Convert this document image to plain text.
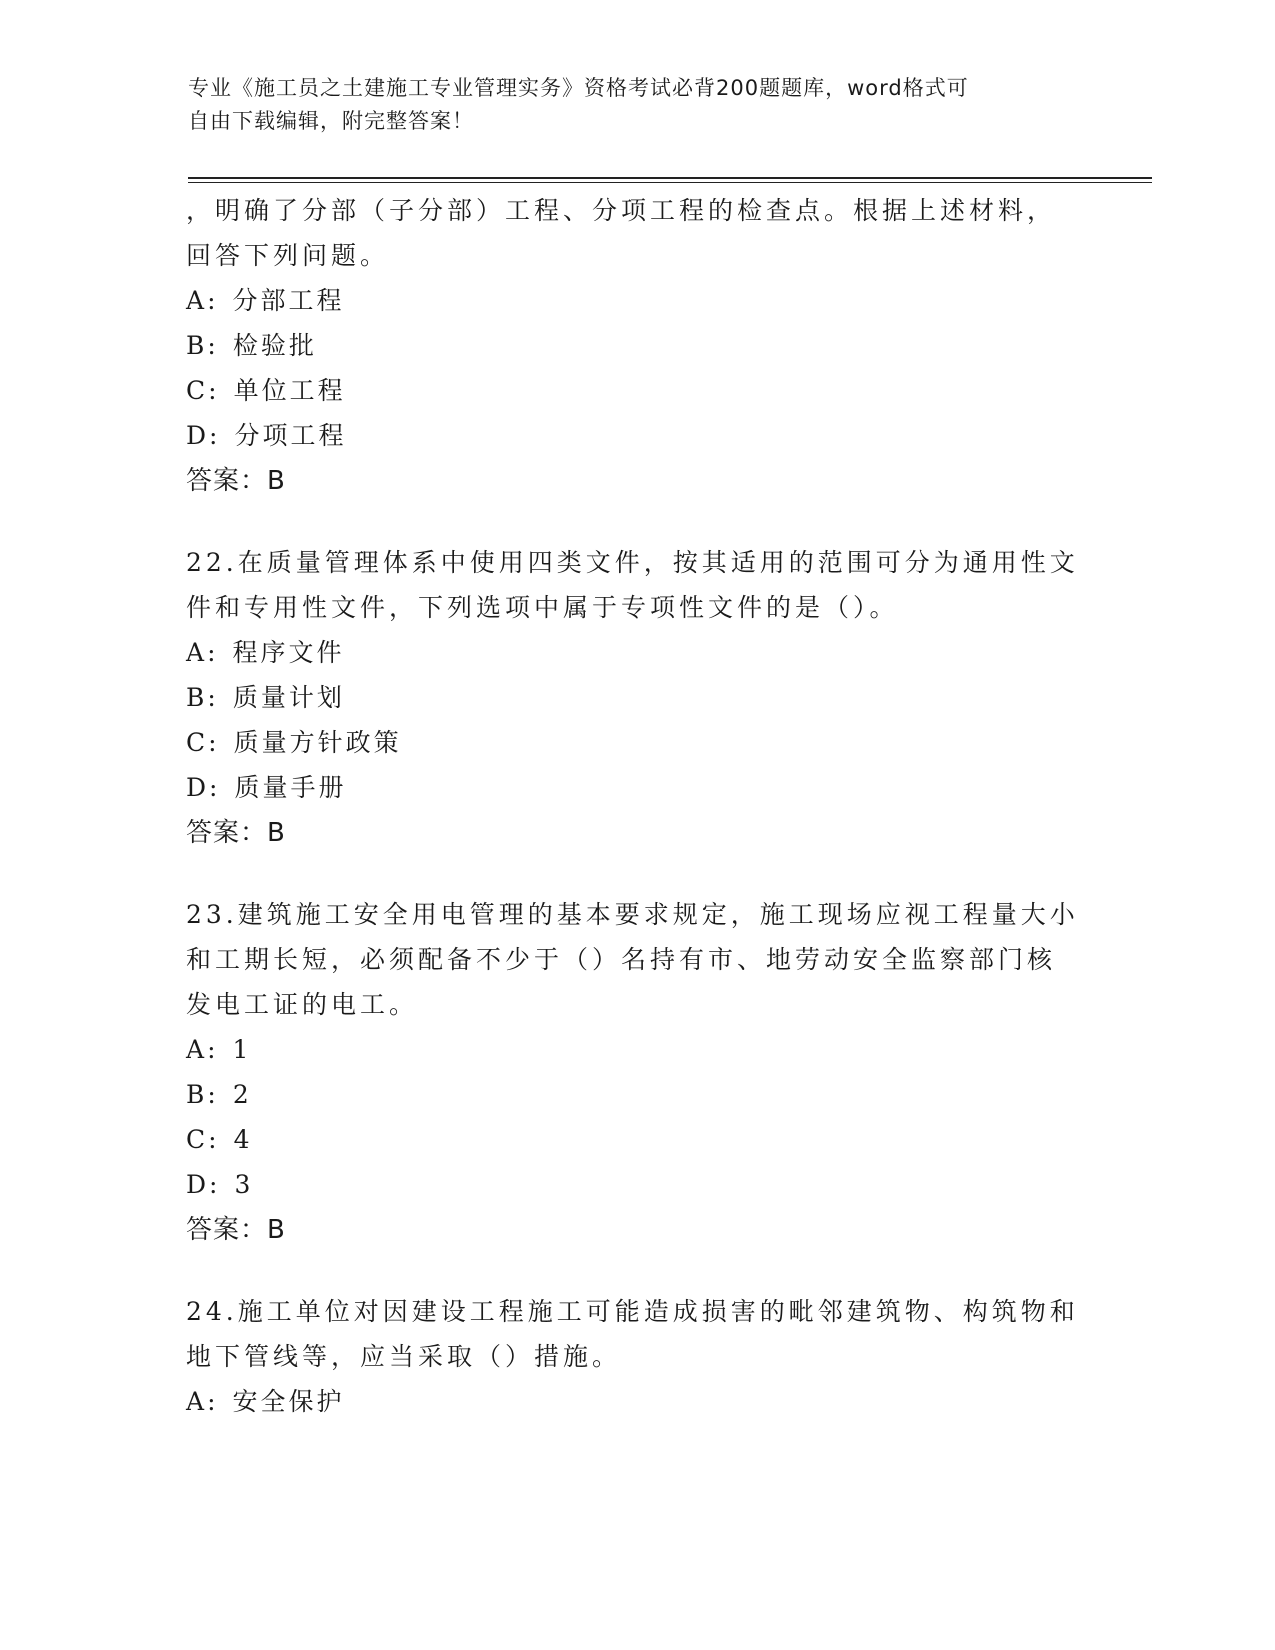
专业《施工员之土建施工专业管理实务》资格考试必背200题题库，word格式可
自由下载编辑，附完整答案！

，明确了分部（子分部）工程、分项工程的检查点。根据上述材料，

回答下列问题。

A: 分部工程

B: 检验批

C: 单位工程

D: 分项工程

答案：B

22.在质量管理体系中使用四类文件，按其适用的范围可分为通用性文

件和专用性文件，下列选项中属于专项性文件的是（）。

A: 程序文件

B: 质量计划

C: 质量方针政策

D: 质量手册

答案：B

23.建筑施工安全用电管理的基本要求规定，施工现场应视工程量大小

和工期长短，必须配备不少于（）名持有市、地劳动安全监察部门核

发电工证的电工。

A: 1

B: 2

C: 4

D: 3

答案：B

24.施工单位对因建设工程施工可能造成损害的毗邻建筑物、构筑物和

地下管线等，应当采取（）措施。

A: 安全保护
